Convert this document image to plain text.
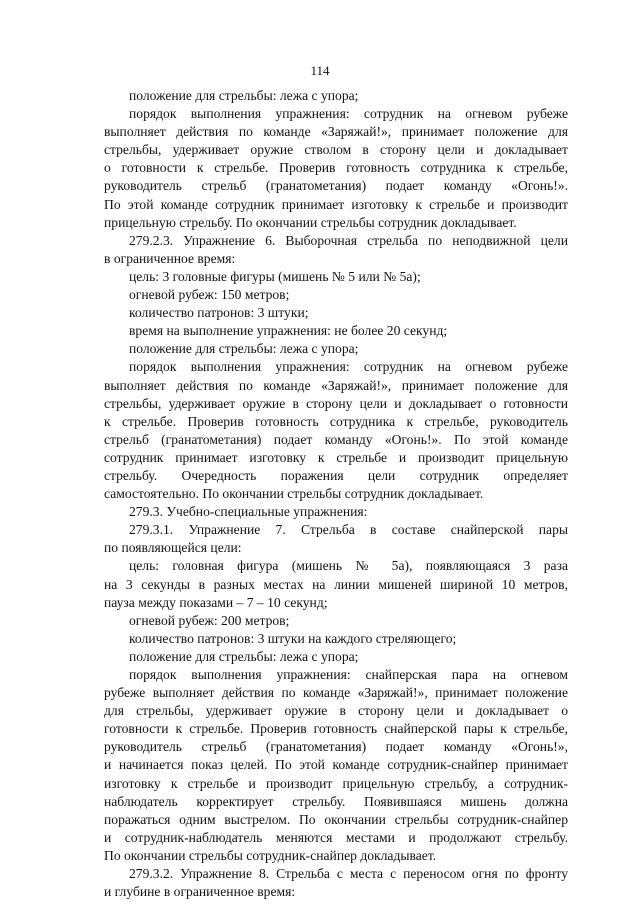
114
положение для стрельбы: лежа с упора;
порядок выполнения упражнения: сотрудник на огневом рубеже
выполняет действия по команде «Заряжай!», принимает положение для
стрельбы, удерживает оружие стволом в сторону цели и докладывает
о готовности к стрельбе. Проверив готовность сотрудника к стрельбе,
руководитель стрельб (гранатометания) подает команду «Огонь!».
По этой команде сотрудник принимает изготовку к стрельбе и производит
прицельную стрельбу. По окончании стрельбы сотрудник докладывает.
279.2.3. Упражнение 6. Выборочная стрельба по неподвижной цели
в ограниченное время:
цель: 3 головные фигуры (мишень № 5 или № 5а);
огневой рубеж: 150 метров;
количество патронов: 3 штуки;
время на выполнение упражнения: не более 20 секунд;
положение для стрельбы: лежа с упора;
порядок выполнения упражнения: сотрудник на огневом рубеже
выполняет действия по команде «Заряжай!», принимает положение для
стрельбы, удерживает оружие в сторону цели и докладывает о готовности
к стрельбе. Проверив готовность сотрудника к стрельбе, руководитель
стрельб (гранатометания) подает команду «Огонь!». По этой команде
сотрудник принимает изготовку к стрельбе и производит прицельную
стрельбу. Очередность поражения цели сотрудник определяет
самостоятельно. По окончании стрельбы сотрудник докладывает.
279.3. Учебно-специальные упражнения:
279.3.1. Упражнение 7. Стрельба в составе снайперской пары
по появляющейся цели:
цель: головная фигура (мишень № 5а), появляющаяся 3 раза
на 3 секунды в разных местах на линии мишеней шириной 10 метров,
пауза между показами – 7 – 10 секунд;
огневой рубеж: 200 метров;
количество патронов: 3 штуки на каждого стреляющего;
положение для стрельбы: лежа с упора;
порядок выполнения упражнения: снайперская пара на огневом
рубеже выполняет действия по команде «Заряжай!», принимает положение
для стрельбы, удерживает оружие в сторону цели и докладывает о
готовности к стрельбе. Проверив готовность снайперской пары к стрельбе,
руководитель стрельб (гранатометания) подает команду «Огонь!»,
и начинается показ целей. По этой команде сотрудник-снайпер принимает
изготовку к стрельбе и производит прицельную стрельбу, а сотрудник-
наблюдатель корректирует стрельбу. Появившаяся мишень должна
поражаться одним выстрелом. По окончании стрельбы сотрудник-снайпер
и сотрудник-наблюдатель меняются местами и продолжают стрельбу.
По окончании стрельбы сотрудник-снайпер докладывает.
279.3.2. Упражнение 8. Стрельба с места с переносом огня по фронту
и глубине в ограниченное время:
